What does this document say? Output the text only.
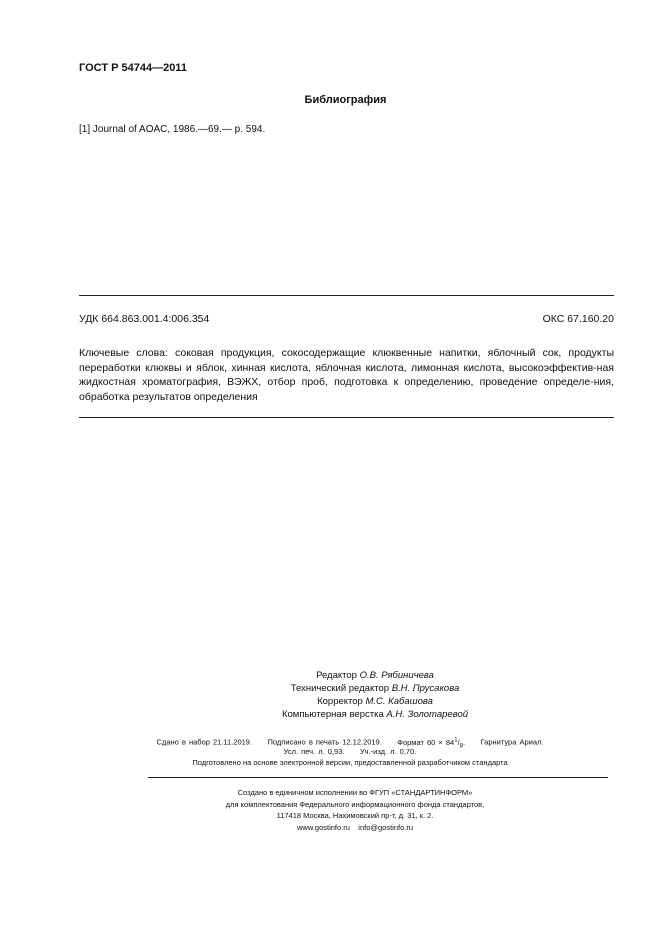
ГОСТ Р 54744—2011
Библиография
[1] Journal of AOAC, 1986.—69.— p. 594.
УДК 664.863.001.4:006.354	ОКС 67.160.20
Ключевые слова: соковая продукция, сокосодержащие клюквенные напитки, яблочный сок, продукты переработки клюквы и яблок, хинная кислота, яблочная кислота, лимонная кислота, высокоэффектив-ная жидкостная хроматография, ВЭЖХ, отбор проб, подготовка к определению, проведение определе-ния, обработка результатов определения
Редактор О.В. Рябиничева
Технический редактор В.Н. Прусакова
Корректор М.С. Кабашова
Компьютерная верстка А.Н. Золотаревой
Сдано в набор 21.11.2019. Подписано в печать 12.12.2019. Формат $60 \times 84^1/_8$. Гарнитура Ариал.
Усл. печ. л. 0,93. Уч.-изд. л. 0,70.
Подготовлено на основе электронной версии, предоставленной разработчиком стандарта
Создано в единичном исполнении во ФГУП «СТАНДАРТИНФОРМ»
для комплектования Федерального информационного фонда стандартов,
117418 Москва, Нахимовский пр-т, д. 31, к. 2.
www.gostinfo.ru info@gostinfo.ru
